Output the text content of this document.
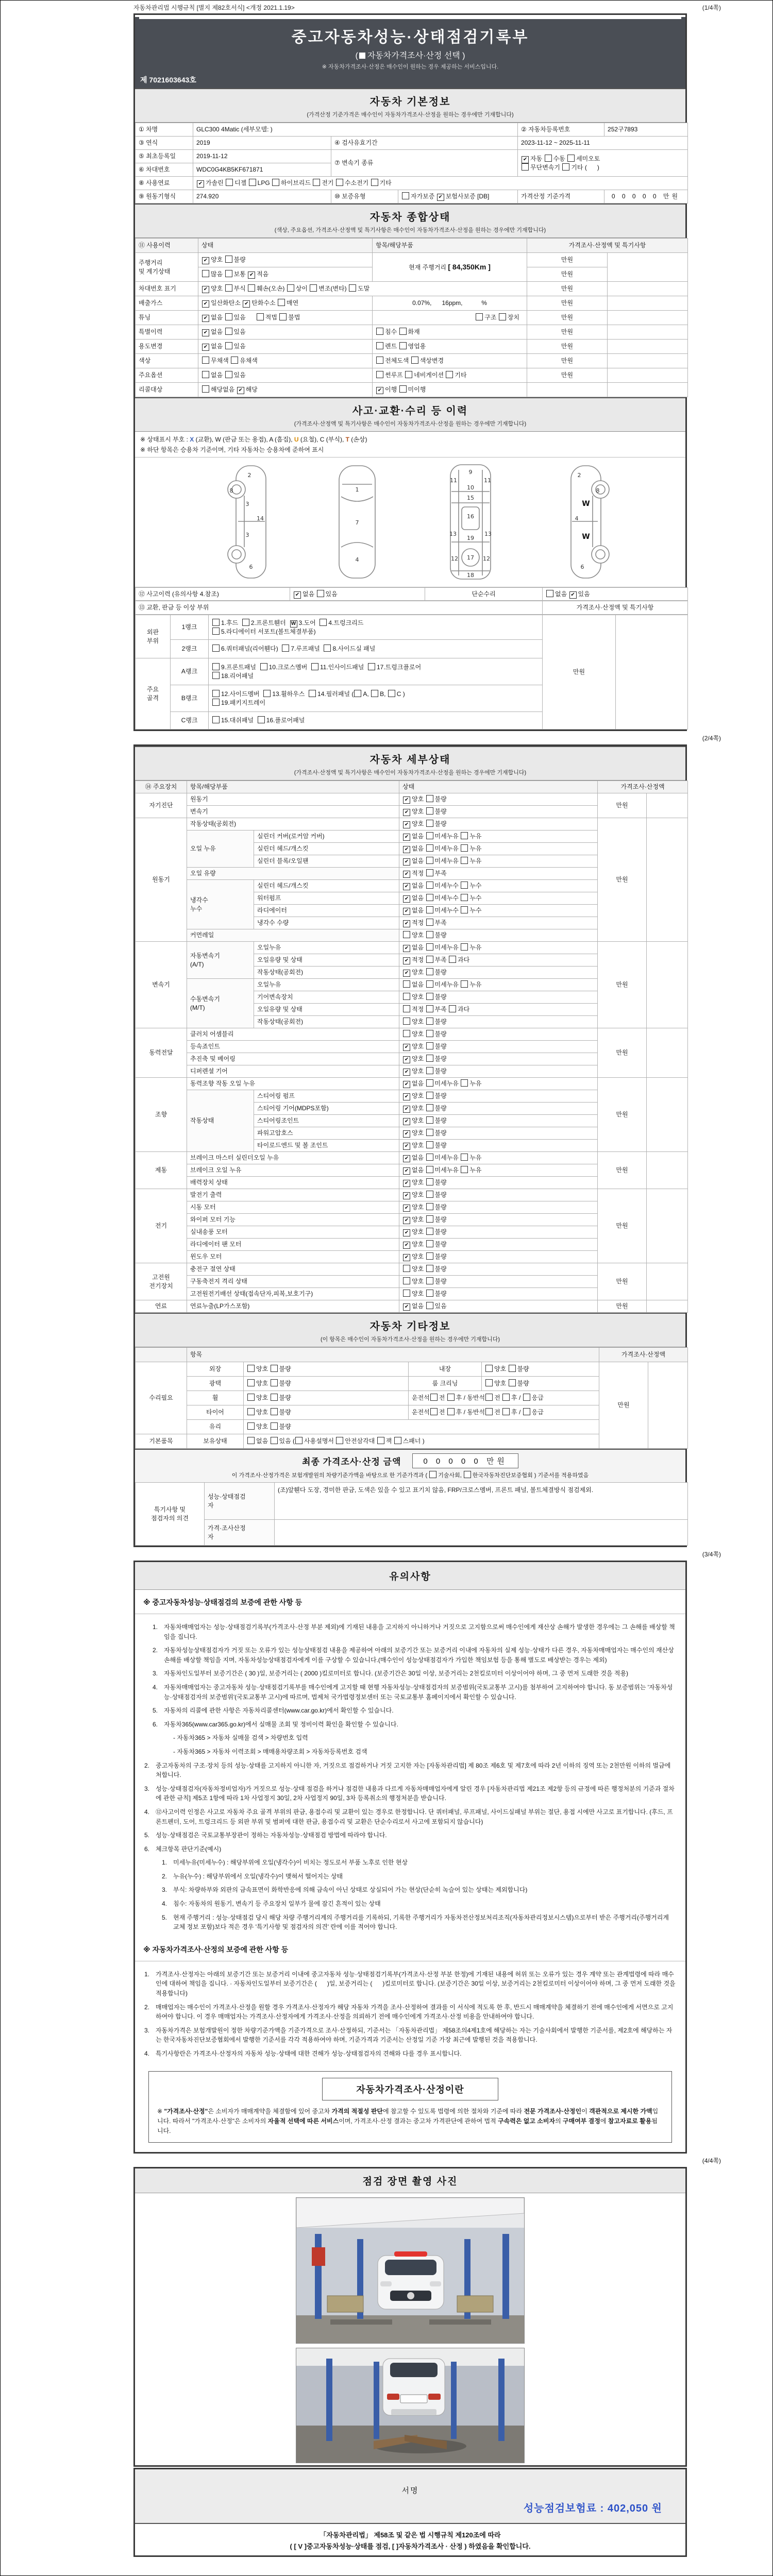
자동차관리법 시행규칙 [별지 제82호서식] <개정 2021.1.19>	(1/4쪽)
중고자동차성능·상태점검기록부
( 자동차가격조사·산정 선택 )
※ 자동차가격조사·산정은 매수인이 원하는 경우 제공하는 서비스입니다.
제 7021603643호
자동차 기본정보
(가격산정 기준가격은 매수인이 자동차가격조사·산정을 원하는 경우에만 기재합니다)
① 차명	GLC300 4Matic (세부모델: )			② 자동차등록번호	252구7893
③ 연식	2019	④ 검사유효기간		2023-11-12 ~ 2025-11-11	
⑤ 최초등록일	2019-11-12	⑦ 변속기 종류		✔ 자동 수동 세미오토
무단변속기 기타 (      )	
⑥ 차대번호	WDC0G4KB5KF671871				
⑧ 사용연료	✔ 가솔린 디젤 LPG 하이브리드 전기 수소전기 기타				
⑨ 원동기형식	274.920	⑩ 보증유형	자가보증 ✔ 보험사보증 [DB]	가격산정 기준가격	0 0 0 0 0 만원
자동차 종합상태
(색상, 주요옵션, 가격조사·산정액 및 특기사항은 매수인이 자동차가격조사·산정을 원하는 경우에만 기재합니다)
⑪ 사용이력	상태	항목/해당부품	가격조사·산정액 및 특기사항	
주행거리
및 계기상태	✔ 양호 불량	현재 주행거리 [ 84,350Km ]	만원	
	많음 보통 ✔ 적음		만원	
차대번호 표기	✔ 양호 부식 훼손(오손) 상이 변조(변타) 도말		만원	
배출가스	✔ 일산화탄소 ✔ 탄화수소 매연	0.07%,      16ppm,           %	만원	
튜닝	✔ 없음 있음      적법 불법	구조 장치	만원	
특별이력	✔ 없음 있음	침수 화재	만원	
용도변경	✔ 없음 있음	렌트 영업용	만원	
색상	무채색 유채색	전체도색 색상변경	만원	
주요옵션	없음 있음	썬루프 네비게이션 기타	만원	
리콜대상	해당없음 ✔ 해당	✔ 이행 미이행		
사고·교환·수리 등 이력
(가격조사·산정액 및 특기사항은 매수인이 자동차가격조사·산정을 원하는 경우에만 기재합니다)
※ 상태표시 부호 : X (교환), W (판금 또는 용접), A (흠집), U (요철), C (부식), T (손상)
※ 하단 항목은 승용차 기준이며, 기타 자동차는 승용차에 준하여 표시
2
3
14
3
8
6
1
7
4
9
11	11
10
15
16
13	13
19
12	12
17
18
2
W
4
W
8
6
⑫ 사고이력 (유의사항 4.참조)	✔ 없음 있음	단순수리	없음 ✔ 있음
⑬ 교환, 판금 등 이상 부위	가격조사·산정액 및 특기사항
외판
부위	1랭크	1.후드  2.프론트휀더  W 3.도어  4.트렁크리드
5.라디에이터 서포트(볼트체결부품)	만원	
	2랭크	6.쿼터패널(리어휀다)  7.루프패널  8.사이드실 패널		
주요
골격	A랭크	9.프론트패널  10.크로스멤버  11.인사이드패널  17.트렁크플로어
18.리어패널		
	B랭크	12.사이드멤버  13.휠하우스  14.필러패널 ( A, B, C )
19.패키지트레이		
	C랭크	15.대쉬패널  16.플로어패널		
(2/4쪽)
자동차 세부상태
(가격조사·산정액 및 특기사항은 매수인이 자동차가격조사·산정을 원하는 경우에만 기재합니다)
⑭ 주요장치	항목/해당부품		상태	가격조사·산정액	
자기진단	원동기		✔ 양호 불량	만원	
	변속기		✔ 양호 불량		
원동기	작동상태(공회전)		✔ 양호 불량	만원	
	오일 누유	실린더 커버(로커암 커버)	✔ 없음 미세누유 누유		
		실린더 헤드/개스킷	✔ 없음 미세누유 누유		
		실린더 블록/오일팬	✔ 없음 미세누유 누유		
	오일 유량		✔ 적정 부족		
	냉각수
누수	실린더 헤드/개스킷	✔ 없음 미세누수 누수		
		워터펌프	✔ 없음 미세누수 누수		
		라디에이터	✔ 없음 미세누수 누수		
		냉각수 수량	✔ 적정 부족		
	커먼레일		양호 불량		
변속기	자동변속기
(A/T)	오일누유	✔ 없음 미세누유 누유	만원	
		오일유량 및 상태	✔ 적정 부족 과다		
		작동상태(공회전)	✔ 양호 불량		
	수동변속기
(M/T)	오일누유	없음 미세누유 누유		
		기어변속장치	양호 불량		
		오일유량 및 상태	적정 부족 과다		
		작동상태(공회전)	양호 불량		
동력전달	클러치 어셈블리		양호 불량	만원	
	등속죠인트		✔ 양호 불량		
	추진축 및 베어링		✔ 양호 불량		
	디퍼렌셜 기어		✔ 양호 불량		
조향	동력조향 작동 오일 누유		✔ 없음 미세누유 누유	만원	
	작동상태	스티어링 펌프	✔ 양호 불량		
		스티어링 기어(MDPS포함)	✔ 양호 불량		
		스티어링조인트	✔ 양호 불량		
		파워고압호스	✔ 양호 불량		
		타이로드엔드 및 볼 조인트	✔ 양호 불량		
제동	브레이크 마스터 실린더오일 누유		✔ 없음 미세누유 누유	만원	
	브레이크 오일 누유		✔ 없음 미세누유 누유		
	배력장치 상태		✔ 양호 불량		
전기	발전기 출력		✔ 양호 불량	만원	
	시동 모터		✔ 양호 불량		
	와이퍼 모터 기능		✔ 양호 불량		
	실내송풍 모터		✔ 양호 불량		
	라디에이터 팬 모터		✔ 양호 불량		
	윈도우 모터		✔ 양호 불량		
고전원
전기장치	충전구 절연 상태		양호 불량	만원	
	구동축전지 격리 상태		양호 불량		
	고전원전기배선 상태(접속단자,피복,보호기구)		양호 불량		
연료	연료누출(LP가스포함)		✔ 없음 있음	만원	
자동차 기타정보
(이 항목은 매수인이 자동차가격조사·산정을 원하는 경우에만 기재합니다)
	항목				가격조사·산정액	
수리필요	외장	양호 불량	내장	양호 불량	만원	
	광택	양호 불량	룸 크리닝	양호 불량		
	휠	양호 불량	운전석 전 후 / 동반석 전 후 / 응급			
	타이어	양호 불량	운전석 전 후 / 동반석 전 후 / 응급			
	유리	양호 불량				
기본품목	보유상태	없음 있음 ( 사용설명서 안전삼각대 잭 스패너 )				
최종 가격조사·산정 금액	0 0 0 0 0 만원
이 가격조사·산정가격은 보험개발원의 차량기준가액을 바탕으로 한 기준가격과 ( 기술사회, 한국자동차진단보증협회 ) 기준서를 적용하였음
특기사항 및
점검자의 의견	성능·상태점검
자	(조)앞휀다 도장, 경미한 판금, 도색은 있을 수 있고 표기치 않음, FRP/크로스멤버, 프론트 패널, 볼트체결방식 점검제외.
	가격·조사산정
자	
(3/4쪽)
유의사항
※ 중고자동차성능·상태점검의 보증에 관한 사항 등
1. 자동차매매업자는 성능·상태점검기록부(가격조사·산정 부분 제외)에 기재된 내용을 고지하지 아니하거나 거짓으로 고지함으로써 매수인에게 재산상 손해가 발생한 경우에는 그 손해를 배상할 책임을 집니다.
2. 자동차성능상태점검자가 거짓 또는 오류가 있는 성능상태점검 내용을 제공하여 아래의 보증기간 또는 보증거리 이내에 자동차의 실제 성능·상태가 다른 경우, 자동차매매업자는 매수인의 재산상 손해를 배상할 책임을 지며, 자동차성능상태점검자에게 이를 구상할 수 있습니다.(매수인이 성능상태점검자가 가입한 책임보험 등을 통해 별도로 배상받는 경우는 제외)
3. 자동차인도일부터 보증기간은 ( 30 )일, 보증거리는 ( 2000 )킬로미터로 합니다. (보증기간은 30일 이상, 보증거리는 2천킬로미터 이상이어야 하며, 그 중 먼저 도래한 것을 적용)
4. 자동차매매업자는 중고자동차 성능·상태점검기록부를 매수인에게 고지할 때 현행 자동차성능·상태점검자의 보증범위(국토교통부 고시)를 첨부하여 고지하여야 합니다. 동 보증범위는 '자동차성능·상태점검자의 보증범위'(국토교통부 고시)에 따르며, 법제처 국가법령정보센터 또는 국토교통부 홈페이지에서 확인할 수 있습니다.
5. 자동차의 리콜에 관한 사항은 자동차리콜센터(www.car.go.kr)에서 확인할 수 있습니다.
6. 자동차365(www.car365.go.kr)에서 실매물 조회 및 정비이력 확인을 확인할 수 있습니다.
- 자동차365 > 자동차 실매물 검색 > 차량번호 입력
- 자동차365 > 자동차 이력조회 > 매매용차량조회 > 자동차등록번호 검색
2. 중고자동차의 구조·장치 등의 성능·상태를 고지하지 아니한 자, 거짓으로 점검하거나 거짓 고지한 자는 [자동차관리법] 제 80조 제6호 및 제7호에 따라 2년 이하의 징역 또는 2천만원 이하의 벌금에 처합니다.
3. 성능·상태점검자(자동차정비업자)가 거짓으로 성능·상태 점검을 하거나 점검한 내용과 다르게 자동차매매업자에게 알린 경우 [자동차관리법 제21조 제2항 등의 규정에 따른 행정처분의 기준과 절차에 관한 규칙] 제5조 1항에 따라 1차 사업정지 30일, 2차 사업정지 90일, 3차 등록취소의 행정처분을 받습니다.
4. ⑫사고이력 인정은 사고로 자동차 주요 골격 부위의 판금, 용접수리 및 교환이 있는 경우로 한정합니다. 단 쿼터패널, 루프패널, 사이드실패널 부위는 절단, 용접 시에만 사고로 표기합니다. (후드, 프론트펜더, 도어, 트렁크리드 등 외판 부위 및 범퍼에 대한 판금, 용접수리 및 교환은 단순수리로서 사고에 포함되지 않습니다)
5. 성능·상태점검은 국토교통부장관이 정하는 자동차성능·상태점검 방법에 따라야 합니다.
6. 체크항목 판단기준(예시)
1. 미세누유(미세누수) : 해당부위에 오일(냉각수)이 비치는 정도로서 부품 노후로 인한 현상
2. 누유(누수) : 해당부위에서 오일(냉각수)이 맺혀서 떨어지는 상태
3. 부식: 차량하부와 외판의 금속표면이 화학반응에 의해 금속이 아닌 상태로 상실되어 가는 현상(단순히 녹슬어 있는 상태는 제외합니다)
4. 침수: 자동차의 원동기, 변속기 등 주요장치 일부가 물에 잠긴 흔적이 있는 상태
5. 현재 주행거리 : 성능·상태점검 당시 해당 차량 주행거리계의 주행거리를 기록하되, 기록한 주행거리가 자동차전산정보처리조직(자동차관리정보시스템)으로부터 받은 주행거리(주행거리계 교체 정보 포함)보다 적은 경우 '특기사항 및 점검자의 의견' 란에 이를 적어야 합니다.
※ 자동차가격조사·산정의 보증에 관한 사항 등
1. 가격조사·산정자는 아래의 보증기간 또는 보증거리 이내에 중고자동차 성능·상태점검기록부(가격조사·산정 부분 한정)에 기재된 내용에 허위 또는 오류가 있는 경우 계약 또는 관계법령에 따라 매수인에 대하여 책임을 집니다. · 자동차인도일부터 보증기간은 (      )일, 보증거리는 (      )킬로미터로 합니다. (보증기간은 30일 이상, 보증거리는 2천킬로미터 이상이어야 하며, 그 중 먼저 도래한 것을 적용합니다)
2. 매매업자는 매수인이 가격조사·산정을 원할 경우 가격조사·산정자가 해당 자동차 가격을 조사·산정하여 결과를 이 서식에 적도록 한 후, 반드시 매매계약을 체결하기 전에 매수인에게 서면으로 고지하여야 합니다. 이 경우 매매업자는 가격조사·산정자에게 가격조사·산정을 의뢰하기 전에 매수인에게 가격조사·산정 비용을 안내하여야 합니다.
3. 자동차가격은 보험개발원이 정한 차량기준가액을 기준가격으로 조사·산정하되, 기준서는 「자동차관리법」 제58조의4제1호에 해당하는 자는 기술사회에서 발행한 기준서를, 제2호에 해당하는 자는 한국자동차진단보증협회에서 발행한 기준서를 각각 적용하여야 하며, 기준가격과 기준서는 산정일 기준 가장 최근에 발행된 것을 적용합니다.
4. 특기사항란은 가격조사·산정자의 자동차 성능·상태에 대한 견해가 성능·상태점검자의 견해와 다를 경우 표시합니다.
자동차가격조사·산정이란
※ "가격조사·산정"은 소비자가 매매계약을 체결함에 있어 중고차 가격의 적절성 판단에 참고할 수 있도록 법령에 의한 절차와 기준에 따라 전문 가격조사·산정인이 객관적으로 제시한 가액입니다. 따라서 "가격조사·산정"은 소비자의 자율적 선택에 따른 서비스이며, 가격조사·산정 결과는 중고차 가격판단에 관하여 법적 구속력은 없고 소비자의 구매여부 결정에 참고자료로 활용됩니다.
(4/4쪽)
점검 장면 촬영 사진
서명
성능점검보험료 : 402,050 원
「자동차관리법」 제58조 및 같은 법 시행규칙 제120조에 따라
( [ V ]중고자동차성능·상태를 점검, [ ]자동차가격조사 · 산정 ) 하였음을 확인합니다.
